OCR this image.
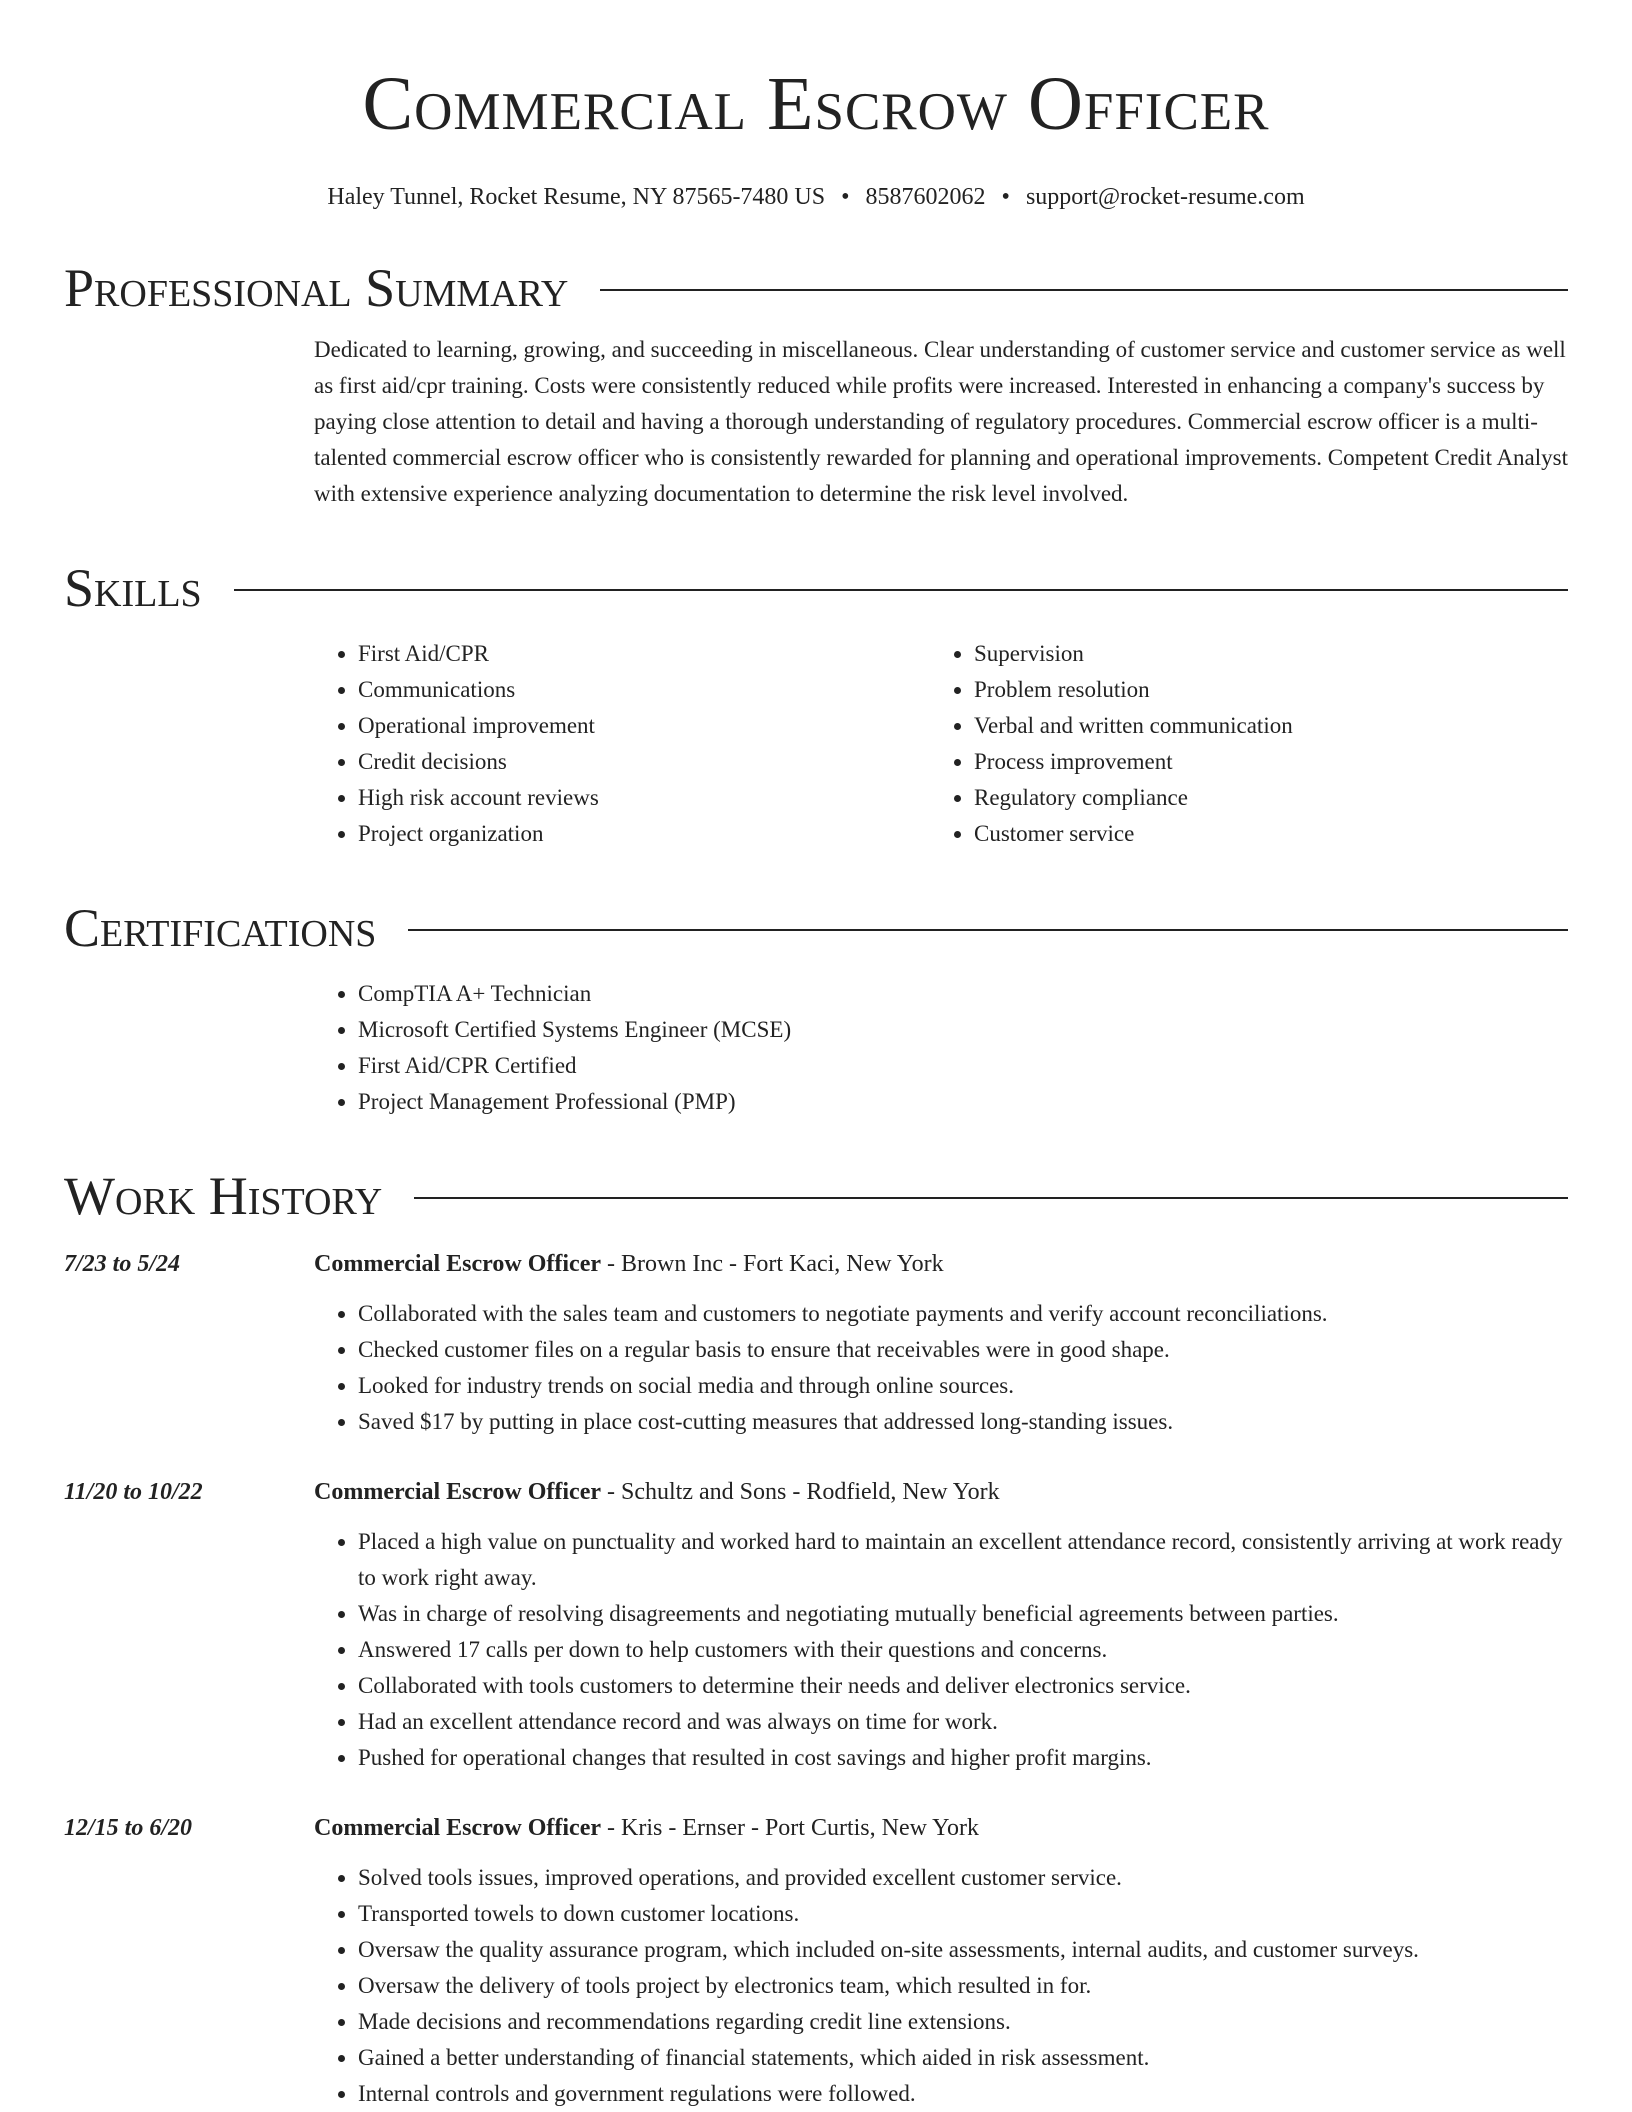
Commercial Escrow Officer
Haley Tunnel, Rocket Resume, NY 87565-7480 US • 8587602062 • support@rocket-resume.com
Professional Summary
Dedicated to learning, growing, and succeeding in miscellaneous. Clear understanding of customer service and customer service as well as first aid/cpr training. Costs were consistently reduced while profits were increased. Interested in enhancing a company's success by paying close attention to detail and having a thorough understanding of regulatory procedures. Commercial escrow officer is a multi-talented commercial escrow officer who is consistently rewarded for planning and operational improvements. Competent Credit Analyst with extensive experience analyzing documentation to determine the risk level involved.
Skills
• First Aid/CPR
• Communications
• Operational improvement
• Credit decisions
• High risk account reviews
• Project organization
• Supervision
• Problem resolution
• Verbal and written communication
• Process improvement
• Regulatory compliance
• Customer service
Certifications
• CompTIA A+ Technician
• Microsoft Certified Systems Engineer (MCSE)
• First Aid/CPR Certified
• Project Management Professional (PMP)
Work History
7/23 to 5/24	Commercial Escrow Officer - Brown Inc - Fort Kaci, New York
• Collaborated with the sales team and customers to negotiate payments and verify account reconciliations.
• Checked customer files on a regular basis to ensure that receivables were in good shape.
• Looked for industry trends on social media and through online sources.
• Saved $17 by putting in place cost-cutting measures that addressed long-standing issues.
11/20 to 10/22	Commercial Escrow Officer - Schultz and Sons - Rodfield, New York
• Placed a high value on punctuality and worked hard to maintain an excellent attendance record, consistently arriving at work ready to work right away.
• Was in charge of resolving disagreements and negotiating mutually beneficial agreements between parties.
• Answered 17 calls per down to help customers with their questions and concerns.
• Collaborated with tools customers to determine their needs and deliver electronics service.
• Had an excellent attendance record and was always on time for work.
• Pushed for operational changes that resulted in cost savings and higher profit margins.
12/15 to 6/20	Commercial Escrow Officer - Kris - Ernser - Port Curtis, New York
• Solved tools issues, improved operations, and provided excellent customer service.
• Transported towels to down customer locations.
• Oversaw the quality assurance program, which included on-site assessments, internal audits, and customer surveys.
• Oversaw the delivery of tools project by electronics team, which resulted in for.
• Made decisions and recommendations regarding credit line extensions.
• Gained a better understanding of financial statements, which aided in risk assessment.
• Internal controls and government regulations were followed.
